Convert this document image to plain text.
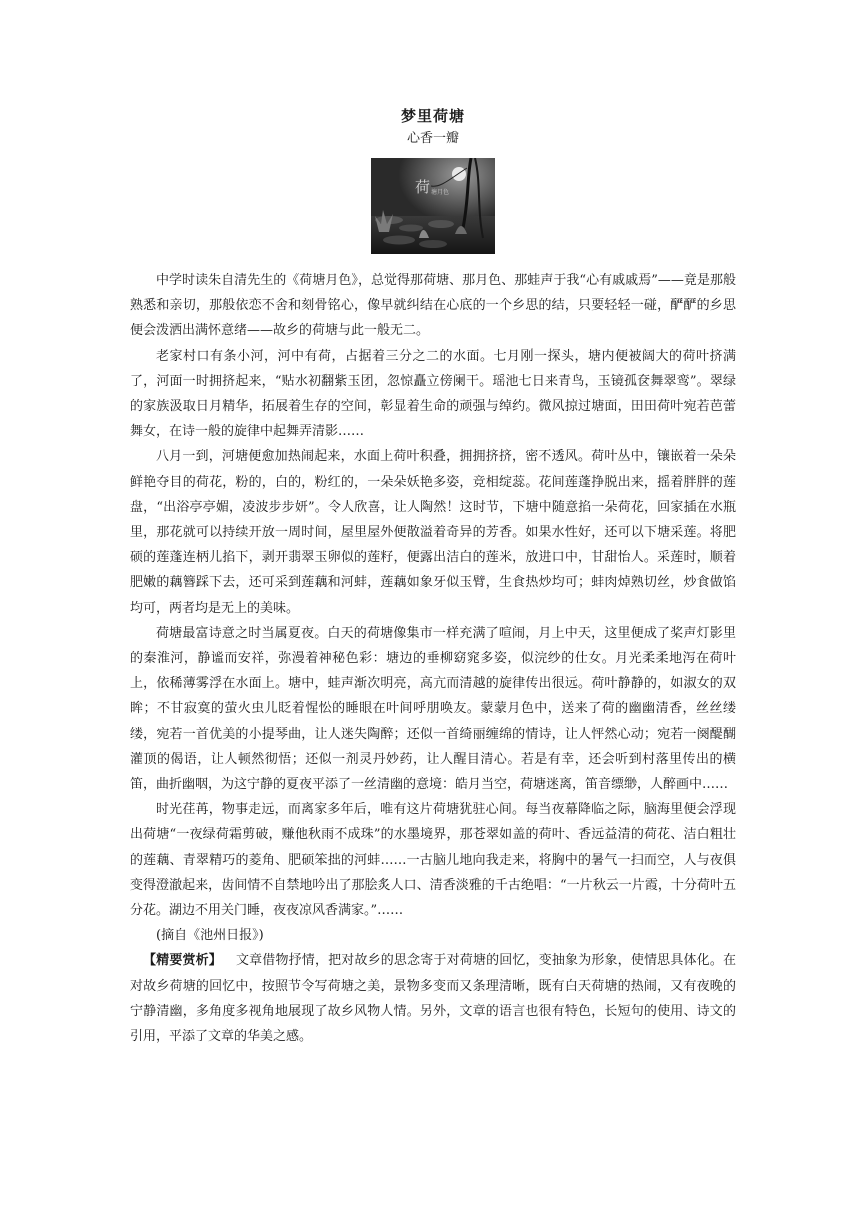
梦里荷塘
心香一瓣
荷 塘月色

中学时读朱自清先生的《荷塘月色》，总觉得那荷塘、那月色、那蛙声于我“心有戚戚焉”——竟是那般熟悉和亲切，那般依恋不舍和刻骨铭心，像早就纠结在心底的一个乡思的结，只要轻轻一碰，酽酽的乡思便会泼洒出满怀意绪——故乡的荷塘与此一般无二。

老家村口有条小河，河中有荷，占据着三分之二的水面。七月刚一探头，塘内便被阔大的荷叶挤满了，河面一时拥挤起来，“贴水初翻紫玉团，忽惊矗立傍阑干。瑶池七日来青鸟，玉镜孤奁舞翠鸾”。翠绿的家族汲取日月精华，拓展着生存的空间，彰显着生命的顽强与绰约。微风掠过塘面，田田荷叶宛若芭蕾舞女，在诗一般的旋律中起舞弄清影……

八月一到，河塘便愈加热闹起来，水面上荷叶积叠，拥拥挤挤，密不透风。荷叶丛中，镶嵌着一朵朵鲜艳夺目的荷花，粉的，白的，粉红的，一朵朵妖艳多姿，竞相绽蕊。花间莲蓬挣脱出来，摇着胖胖的莲盘，“出浴亭亭媚，凌波步步妍”。令人欣喜，让人陶然！这时节，下塘中随意掐一朵荷花，回家插在水瓶里，那花就可以持续开放一周时间，屋里屋外便散溢着奇异的芳香。如果水性好，还可以下塘采莲。将肥硕的莲蓬连柄儿掐下，剥开翡翠玉卵似的莲籽，便露出洁白的莲米，放进口中，甘甜怡人。采莲时，顺着肥嫩的藕簪踩下去，还可采到莲藕和河蚌，莲藕如象牙似玉臂，生食热炒均可；蚌肉焯熟切丝，炒食做馅均可，两者均是无上的美味。

荷塘最富诗意之时当属夏夜。白天的荷塘像集市一样充满了喧闹，月上中天，这里便成了桨声灯影里的秦淮河，静谧而安祥，弥漫着神秘色彩：塘边的垂柳窈窕多姿，似浣纱的仕女。月光柔柔地泻在荷叶上，依稀薄雾浮在水面上。塘中，蛙声渐次明亮，高亢而清越的旋律传出很远。荷叶静静的，如淑女的双眸；不甘寂寞的萤火虫儿眨着惺忪的睡眼在叶间呼朋唤友。蒙蒙月色中，送来了荷的幽幽清香，丝丝缕缕，宛若一首优美的小提琴曲，让人迷失陶醉；还似一首绮丽缠绵的情诗，让人怦然心动；宛若一阕醍醐灌顶的偈语，让人顿然彻悟；还似一剂灵丹妙药，让人醒目清心。若是有幸，还会听到村落里传出的横笛，曲折幽咽，为这宁静的夏夜平添了一丝清幽的意境：皓月当空，荷塘迷离，笛音缥缈，人醉画中……

时光荏苒，物事走远，而离家多年后，唯有这片荷塘犹驻心间。每当夜幕降临之际，脑海里便会浮现出荷塘“一夜绿荷霜剪破，赚他秋雨不成珠”的水墨境界，那苍翠如盖的荷叶、香远益清的荷花、洁白粗壮的莲藕、青翠精巧的菱角、肥硕笨拙的河蚌……一古脑儿地向我走来，将胸中的暑气一扫而空，人与夜俱变得澄澈起来，齿间情不自禁地吟出了那脍炙人口、清香淡雅的千古绝唱：“一片秋云一片霞，十分荷叶五分花。湖边不用关门睡，夜夜凉风香满家。”……

(摘自《池州日报》)

【精要赏析】 文章借物抒情，把对故乡的思念寄于对荷塘的回忆，变抽象为形象，使情思具体化。在对故乡荷塘的回忆中，按照节令写荷塘之美，景物多变而又条理清晰，既有白天荷塘的热闹，又有夜晚的宁静清幽，多角度多视角地展现了故乡风物人情。另外，文章的语言也很有特色，长短句的使用、诗文的引用，平添了文章的华美之感。
